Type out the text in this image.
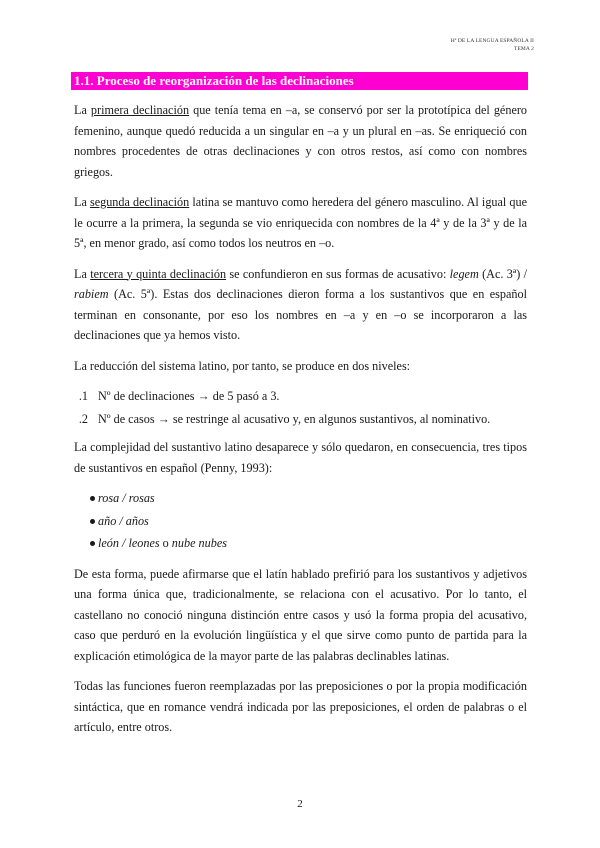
Hª DE LA LENGUA ESPAÑOLA II
TEMA 2
1.1. Proceso de reorganización de las declinaciones

La primera declinación que tenía tema en –a, se conservó por ser la prototípica del género femenino, aunque quedó reducida a un singular en –a y un plural en –as. Se enriqueció con nombres procedentes de otras declinaciones y con otros restos, así como con nombres griegos.

La segunda declinación latina se mantuvo como heredera del género masculino. Al igual que le ocurre a la primera, la segunda se vio enriquecida con nombres de la 4ª y de la 3ª y de la 5ª, en menor grado, así como todos los neutros en –o.

La tercera y quinta declinación se confundieron en sus formas de acusativo: legem (Ac. 3ª) / rabiem (Ac. 5ª). Estas dos declinaciones dieron forma a los sustantivos que en español terminan en consonante, por eso los nombres en –a y en –o se incorporaron a las declinaciones que ya hemos visto.

La reducción del sistema latino, por tanto, se produce en dos niveles:

1. Nº de declinaciones → de 5 pasó a 3.
2. Nº de casos → se restringe al acusativo y, en algunos sustantivos, al nominativo.

La complejidad del sustantivo latino desaparece y sólo quedaron, en consecuencia, tres tipos de sustantivos en español (Penny, 1993):

rosa / rosas
año / años
león / leones o nube nubes

De esta forma, puede afirmarse que el latín hablado prefirió para los sustantivos y adjetivos una forma única que, tradicionalmente, se relaciona con el acusativo. Por lo tanto, el castellano no conoció ninguna distinción entre casos y usó la forma propia del acusativo, caso que perduró en la evolución lingüística y el que sirve como punto de partida para la explicación etimológica de la mayor parte de las palabras declinables latinas.

Todas las funciones fueron reemplazadas por las preposiciones o por la propia modificación sintáctica, que en romance vendrá indicada por las preposiciones, el orden de palabras o el artículo, entre otros.

2
